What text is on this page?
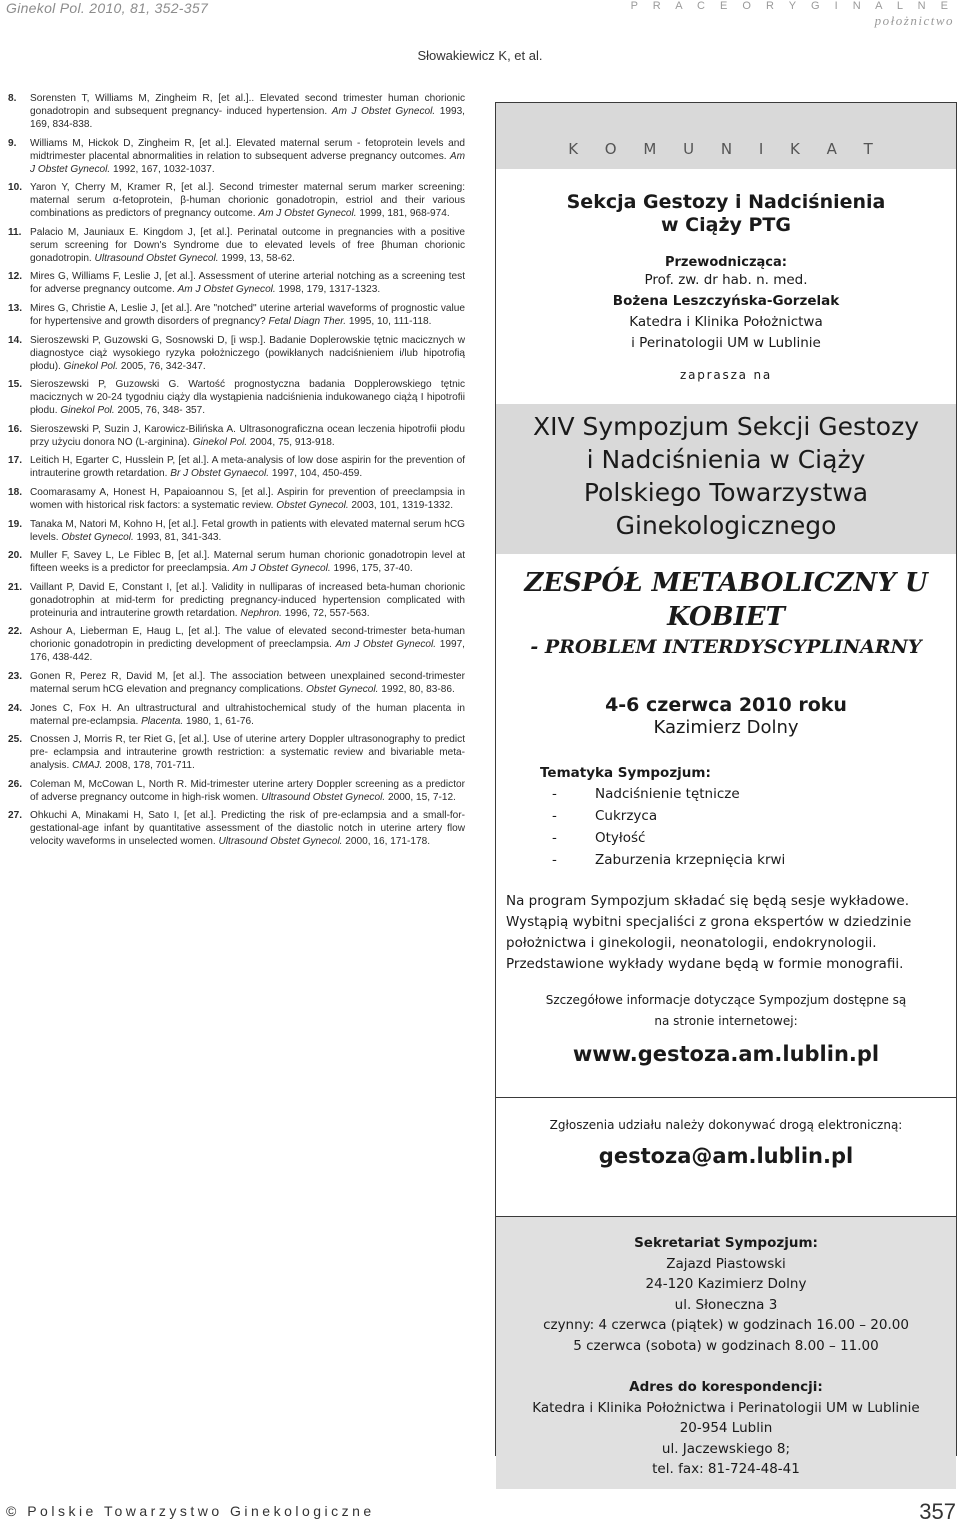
Ginekol Pol. 2010, 81, 352-357	P R A C E O R Y G I N A L N E
położnictwo
Słowakiewicz K, et al.
8.	Sorensten T, Williams M, Zingheim R, [et al.].. Elevated second trimester human chorionic gonadotropin and subsequent pregnancy- induced hypertension. Am J Obstet Gynecol. 1993, 169, 834-838.
9.	Williams M, Hickok D, Zingheim R, [et al.]. Elevated maternal serum - fetoprotein levels and midtrimester placental abnormalities in relation to subsequent adverse pregnancy outcomes. Am J Obstet Gynecol. 1992, 167, 1032-1037.
10. Yaron Y, Cherry M, Kramer R, [et al.]. Second trimester maternal serum marker screening: maternal serum α-fetoprotein, β-human chorionic gonadotropin, estriol and their various combinations as predictors of pregnancy outcome. Am J Obstet Gynecol. 1999, 181, 968-974.
11. Palacio M, Jauniaux E. Kingdom J, [et al.]. Perinatal outcome in pregnancies with a positive serum screening for Down's Syndrome due to elevated levels of free βhuman chorionic gonadotropin. Ultrasound Obstet Gynecol. 1999, 13, 58-62.
12. Mires G, Williams F, Leslie J, [et al.]. Assessment of uterine arterial notching as a screening test for adverse pregnancy outcome. Am J Obstet Gynecol. 1998, 179, 1317-1323.
13. Mires G, Christie A, Leslie J, [et al.]. Are "notched" uterine arterial waveforms of prognostic value for hypertensive and growth disorders of pregnancy? Fetal Diagn Ther. 1995, 10, 111-118.
14. Sieroszewski P, Guzowski G, Sosnowski D, [i wsp.]. Badanie Doplerowskie tętnic macicznych w diagnostyce ciąż wysokiego ryzyka położniczego (powikłanych nadciśnieniem i/lub hipotrofią płodu). Ginekol Pol. 2005, 76, 342-347.
15. Sieroszewski P, Guzowski G. Wartość prognostyczna badania Dopplerowskiego tętnic macicznych w 20-24 tygodniu ciąży dla wystąpienia nadciśnienia indukowanego ciążą I hipotrofii płodu. Ginekol Pol. 2005, 76, 348- 357.
16. Sieroszewski P, Suzin J, Karowicz-Bilińska A. Ultrasonograficzna ocean leczenia hipotrofii płodu przy użyciu donora NO (L-arginina). Ginekol Pol. 2004, 75, 913-918.
17. Leitich H, Egarter C, Husslein P, [et al.]. A meta-analysis of low dose aspirin for the prevention of intrauterine growth retardation. Br J Obstet Gynaecol. 1997, 104, 450-459.
18. Coomarasamy A, Honest H, Papaioannou S, [et al.]. Aspirin for prevention of preeclampsia in women with historical risk factors: a systematic review. Obstet Gynecol. 2003, 101, 1319-1332.
19. Tanaka M, Natori M, Kohno H, [et al.]. Fetal growth in patients with elevated maternal serum hCG levels. Obstet Gynecol. 1993, 81, 341-343.
20. Muller F, Savey L, Le Fiblec B, [et al.]. Maternal serum human chorionic gonadotropin level at fifteen weeks is a predictor for preeclampsia. Am J Obstet Gynecol. 1996, 175, 37-40.
21. Vaillant P, David E, Constant I, [et al.]. Validity in nulliparas of increased beta-human chorionic gonadotrophin at mid-term for predicting pregnancy-induced hypertension complicated with proteinuria and intrauterine growth retardation. Nephron. 1996, 72, 557-563.
22. Ashour A, Lieberman E, Haug L, [et al.]. The value of elevated second-trimester beta-human chorionic gonadotropin in predicting development of preeclampsia. Am J Obstet Gynecol. 1997, 176, 438-442.
23. Gonen R, Perez R, David M, [et al.]. The association between unexplained second-trimester maternal serum hCG elevation and pregnancy complications. Obstet Gynecol. 1992, 80, 83-86.
24. Jones C, Fox H. An ultrastructural and ultrahistochemical study of the human placenta in maternal pre-eclampsia. Placenta. 1980, 1, 61-76.
25. Cnossen J, Morris R, ter Riet G, [et al.]. Use of uterine artery Doppler ultrasonography to predict pre- eclampsia and intrauterine growth restriction: a systematic review and bivariable meta-analysis. CMAJ. 2008, 178, 701-711.
26. Coleman M, McCowan L, North R. Mid-trimester uterine artery Doppler screening as a predictor of adverse pregnancy outcome in high-risk women. Ultrasound Obstet Gynecol. 2000, 15, 7-12.
27. Ohkuchi A, Minakami H, Sato I, [et al.]. Predicting the risk of pre-eclampsia and a small-for-gestational-age infant by quantitative assessment of the diastolic notch in uterine artery flow velocity waveforms in unselected women. Ultrasound Obstet Gynecol. 2000, 16, 171-178.
K O M U N I K A T
Sekcja Gestozy i Nadciśnienia
w Ciąży PTG
Przewodnicząca:
Prof. zw. dr hab. n. med.
Bożena Leszczyńska-Gorzelak
Katedra i Klinika Położnictwa
i Perinatologii UM w Lublinie
zaprasza na
XIV Sympozjum Sekcji Gestozy
i Nadciśnienia w Ciąży
Polskiego Towarzystwa
Ginekologicznego
ZESPÓŁ METABOLICZNY U KOBIET
- PROBLEM INTERDYSCYPLINARNY
4-6 czerwca 2010 roku
Kazimierz Dolny
Tematyka Sympozjum:
-	Nadciśnienie tętnicze
-	Cukrzyca
-	Otyłość
-	Zaburzenia krzepnięcia krwi
Na program Sympozjum składać się będą sesje wykładowe.
Wystąpią wybitni specjaliści z grona ekspertów w dziedzinie
położnictwa i ginekologii, neonatologii, endokrynologii.
Przedstawione wykłady wydane będą w formie monografii.
Szczegółowe informacje dotyczące Sympozjum dostępne są
na stronie internetowej:
www.gestoza.am.lublin.pl
Zgłoszenia udziału należy dokonywać drogą elektroniczną:
gestoza@am.lublin.pl
Sekretariat Sympozjum:
Zajazd Piastowski
24-120 Kazimierz Dolny
ul. Słoneczna 3
czynny: 4 czerwca (piątek) w godzinach 16.00 – 20.00
5 czerwca (sobota) w godzinach 8.00 – 11.00
Adres do korespondencji:
Katedra i Klinika Położnictwa i Perinatologii UM w Lublinie
20-954 Lublin
ul. Jaczewskiego 8;
tel. fax: 81-724-48-41
© Polskie Towarzystwo Ginekologiczne	357
